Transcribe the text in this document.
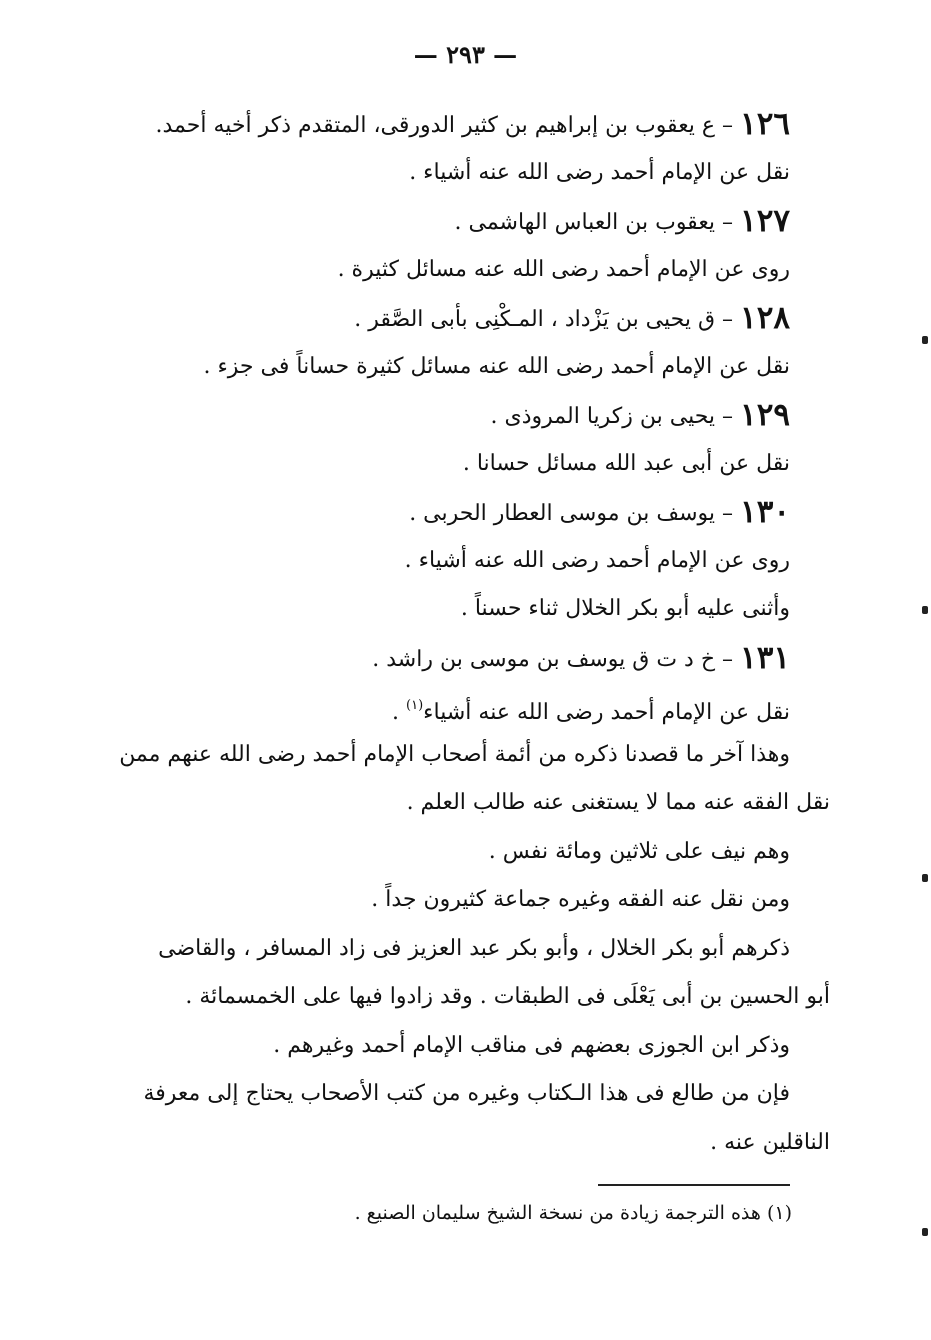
— ٢٩٣ —
١٢٦ – ع يعقوب بن إبراهيم بن كثير الدورقى، المتقدم ذكر أخيه أحمد.
نقل عن الإمام أحمد رضى الله عنه أشياء .
١٢٧ – يعقوب بن العباس الهاشمى .
روى عن الإمام أحمد رضى الله عنه مسائل كثيرة .
١٢٨ – ق يحيى بن يَزْداد ، المـكْنِى بأبى الصَّقر .
نقل عن الإمام أحمد رضى الله عنه مسائل كثيرة حساناً فى جزء .
١٢٩ – يحيى بن زكريا المروذى .
نقل عن أبى عبد الله مسائل حسانا .
١٣٠ – يوسف بن موسى العطار الحربى .
روى عن الإمام أحمد رضى الله عنه أشياء .
وأثنى عليه أبو بكر الخلال ثناء حسناً .
١٣١ – خ د ت ق يوسف بن موسى بن راشد .
نقل عن الإمام أحمد رضى الله عنه أشياء$^{(١)}$ .
وهذا آخر ما قصدنا ذكره من أئمة أصحاب الإمام أحمد رضى الله عنهم ممن
نقل الفقه عنه مما لا يستغنى عنه طالب العلم .
وهم نيف على ثلاثين ومائة نفس .
ومن نقل عنه الفقه وغيره جماعة كثيرون جداً .
ذكرهم أبو بكر الخلال ، وأبو بكر عبد العزيز فى زاد المسافر ، والقاضى
أبو الحسين بن أبى يَعْلَى فى الطبقات . وقد زادوا فيها على الخمسمائة .
وذكر ابن الجوزى بعضهم فى مناقب الإمام أحمد وغيرهم .
فإن من طالع فى هذا الـكتاب وغيره من كتب الأصحاب يحتاج إلى معرفة
الناقلين عنه .
(١) هذه الترجمة زيادة من نسخة الشيخ سليمان الصنيع .
